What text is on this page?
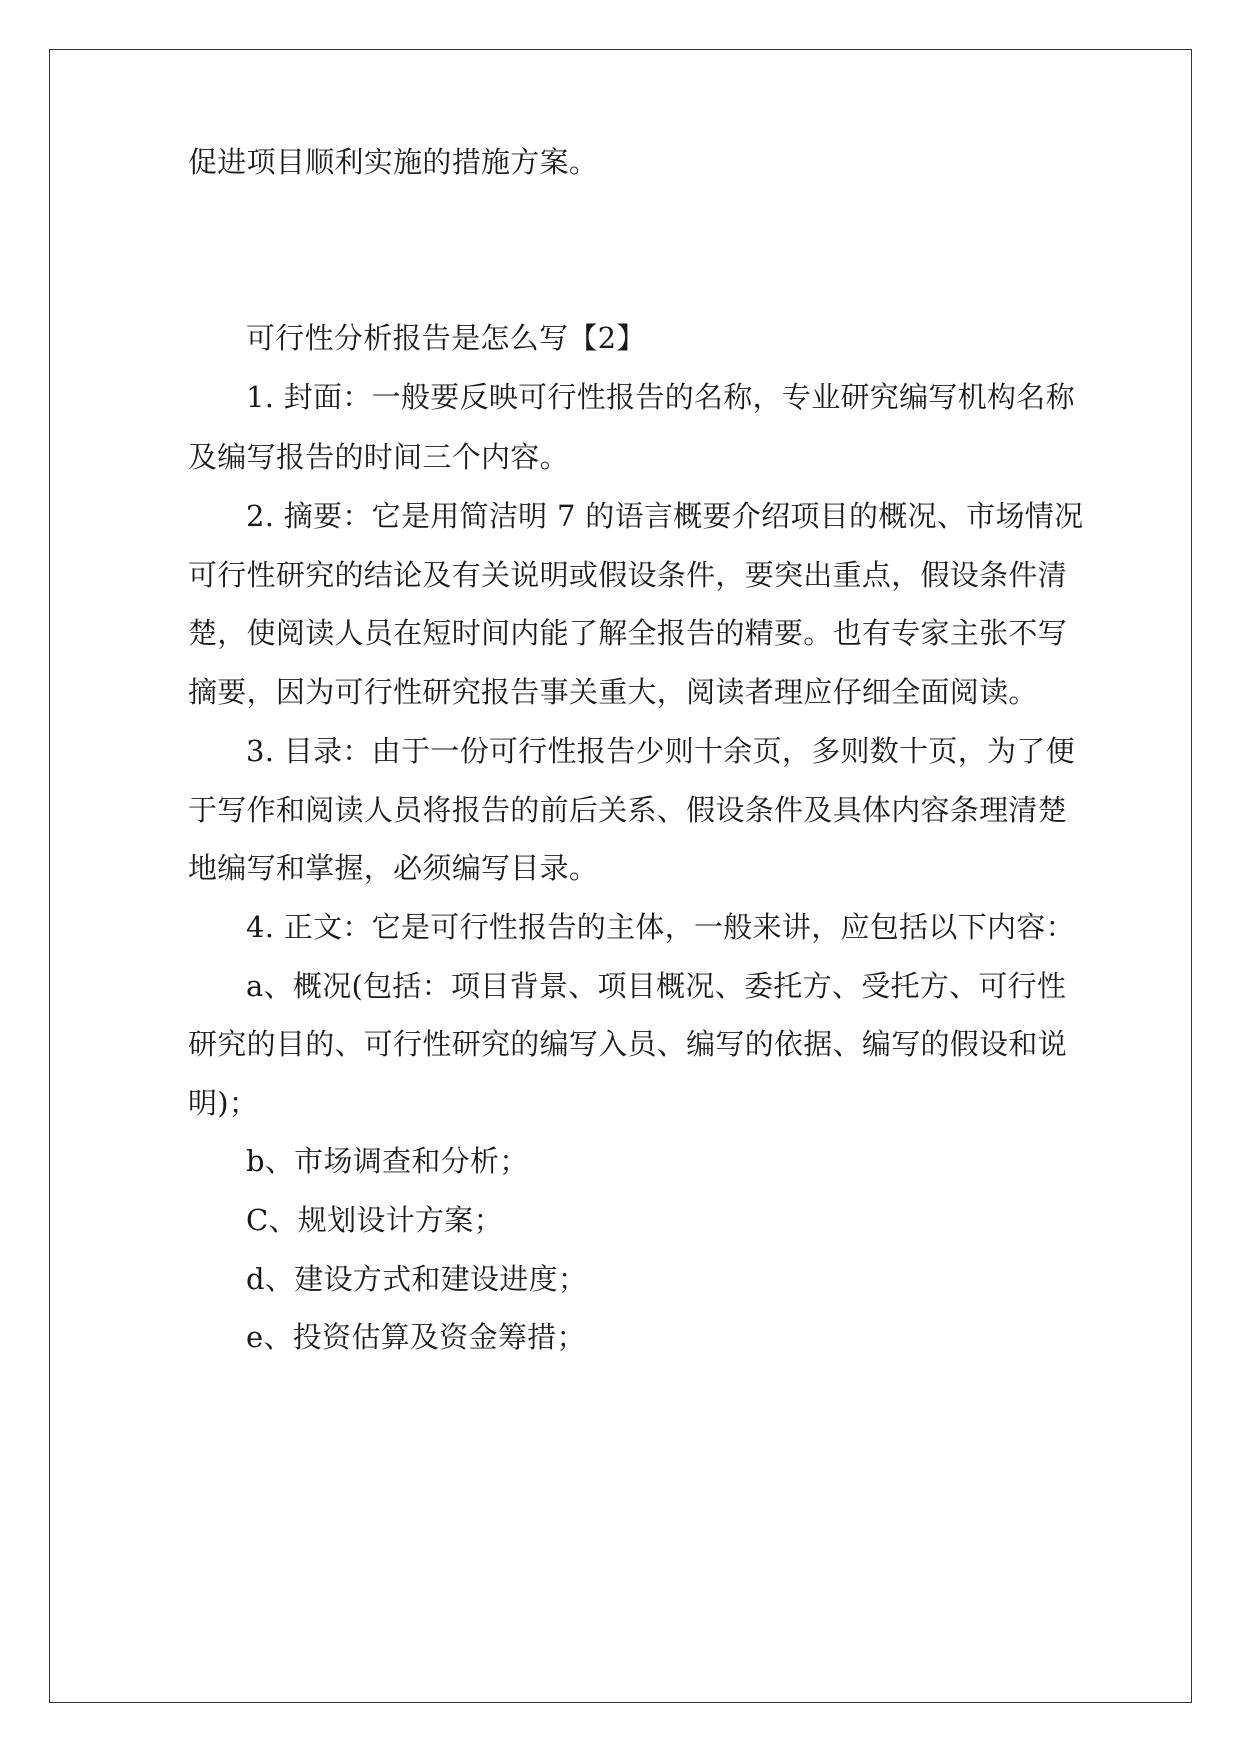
促进项目顺利实施的措施方案。
可行性分析报告是怎么写【2】
1. 封面：一般要反映可行性报告的名称，专业研究编写机构名称
及编写报告的时间三个内容。
2. 摘要：它是用简洁明 7 的语言概要介绍项目的概况、市场情况
可行性研究的结论及有关说明或假设条件，要突出重点，假设条件清
楚，使阅读人员在短时间内能了解全报告的精要。也有专家主张不写
摘要，因为可行性研究报告事关重大，阅读者理应仔细全面阅读。
3. 目录：由于一份可行性报告少则十余页，多则数十页，为了便
于写作和阅读人员将报告的前后关系、假设条件及具体内容条理清楚
地编写和掌握，必须编写目录。
4. 正文：它是可行性报告的主体，一般来讲，应包括以下内容：
a、概况(包括：项目背景、项目概况、委托方、受托方、可行性
研究的目的、可行性研究的编写入员、编写的依据、编写的假设和说
明)；
b、市场调查和分析；
C、规划设计方案；
d、建设方式和建设进度；
e、投资估算及资金筹措；
